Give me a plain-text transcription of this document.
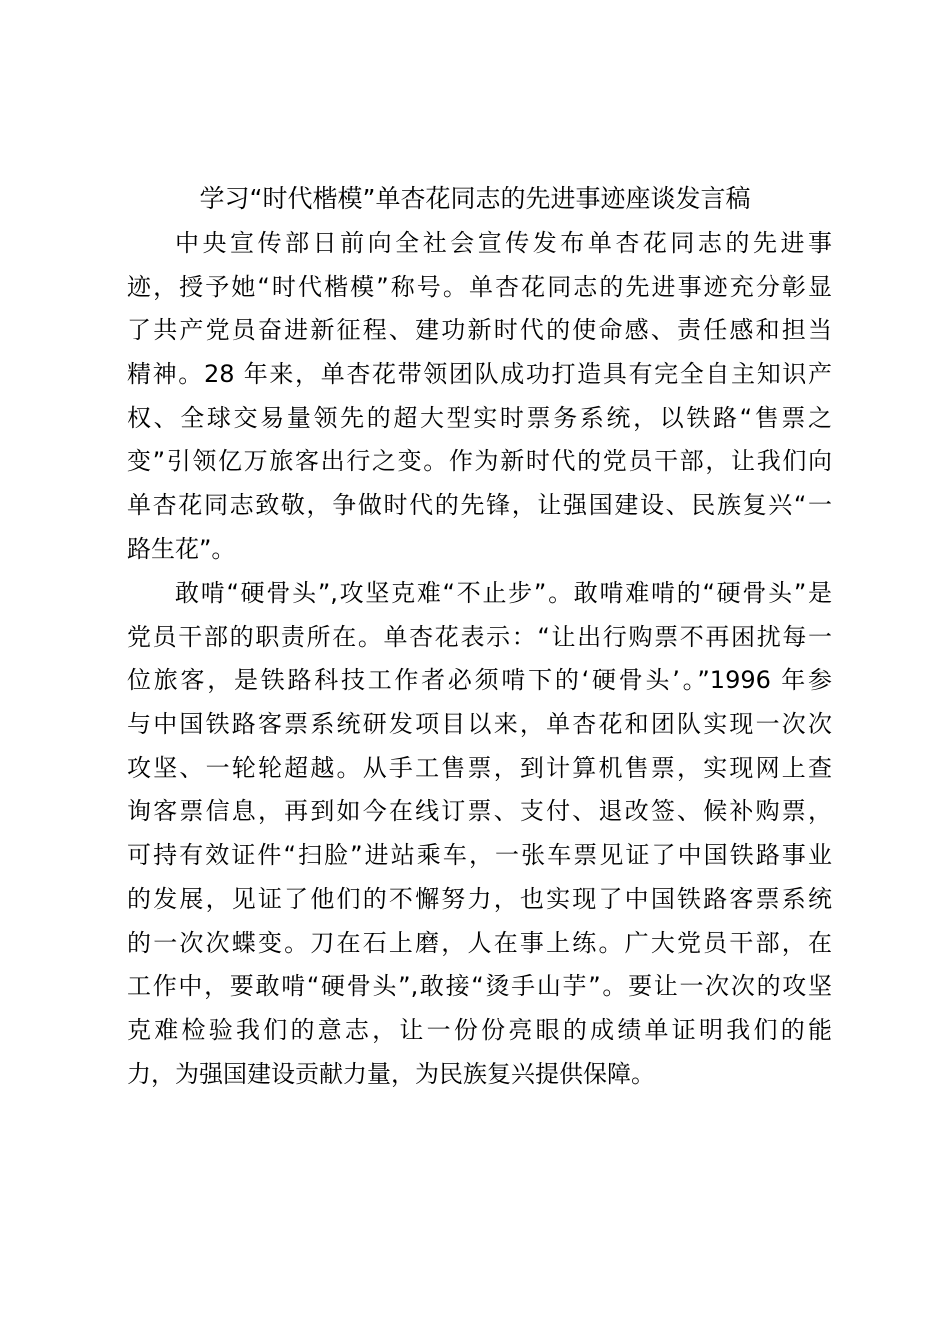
学习“时代楷模”单杏花同志的先进事迹座谈发言稿
中央宣传部日前向全社会宣传发布单杏花同志的先进事
迹，授予她“时代楷模”称号。单杏花同志的先进事迹充分彰显
了共产党员奋进新征程、建功新时代的使命感、责任感和担当
精神。28 年来，单杏花带领团队成功打造具有完全自主知识产
权、全球交易量领先的超大型实时票务系统，以铁路“售票之
变”引领亿万旅客出行之变。作为新时代的党员干部，让我们向
单杏花同志致敬，争做时代的先锋，让强国建设、民族复兴“一
路生花”。
敢啃“硬骨头”,攻坚克难“不止步”。敢啃难啃的“硬骨头”是
党员干部的职责所在。单杏花表示：“让出行购票不再困扰每一
位旅客，是铁路科技工作者必须啃下的‘硬骨头’。”1996 年参
与中国铁路客票系统研发项目以来，单杏花和团队实现一次次
攻坚、一轮轮超越。从手工售票，到计算机售票，实现网上查
询客票信息，再到如今在线订票、支付、退改签、候补购票，
可持有效证件“扫脸”进站乘车，一张车票见证了中国铁路事业
的发展，见证了他们的不懈努力，也实现了中国铁路客票系统
的一次次蝶变。刀在石上磨，人在事上练。广大党员干部，在
工作中，要敢啃“硬骨头”,敢接“烫手山芋”。要让一次次的攻坚
克难检验我们的意志，让一份份亮眼的成绩单证明我们的能
力，为强国建设贡献力量，为民族复兴提供保障。
